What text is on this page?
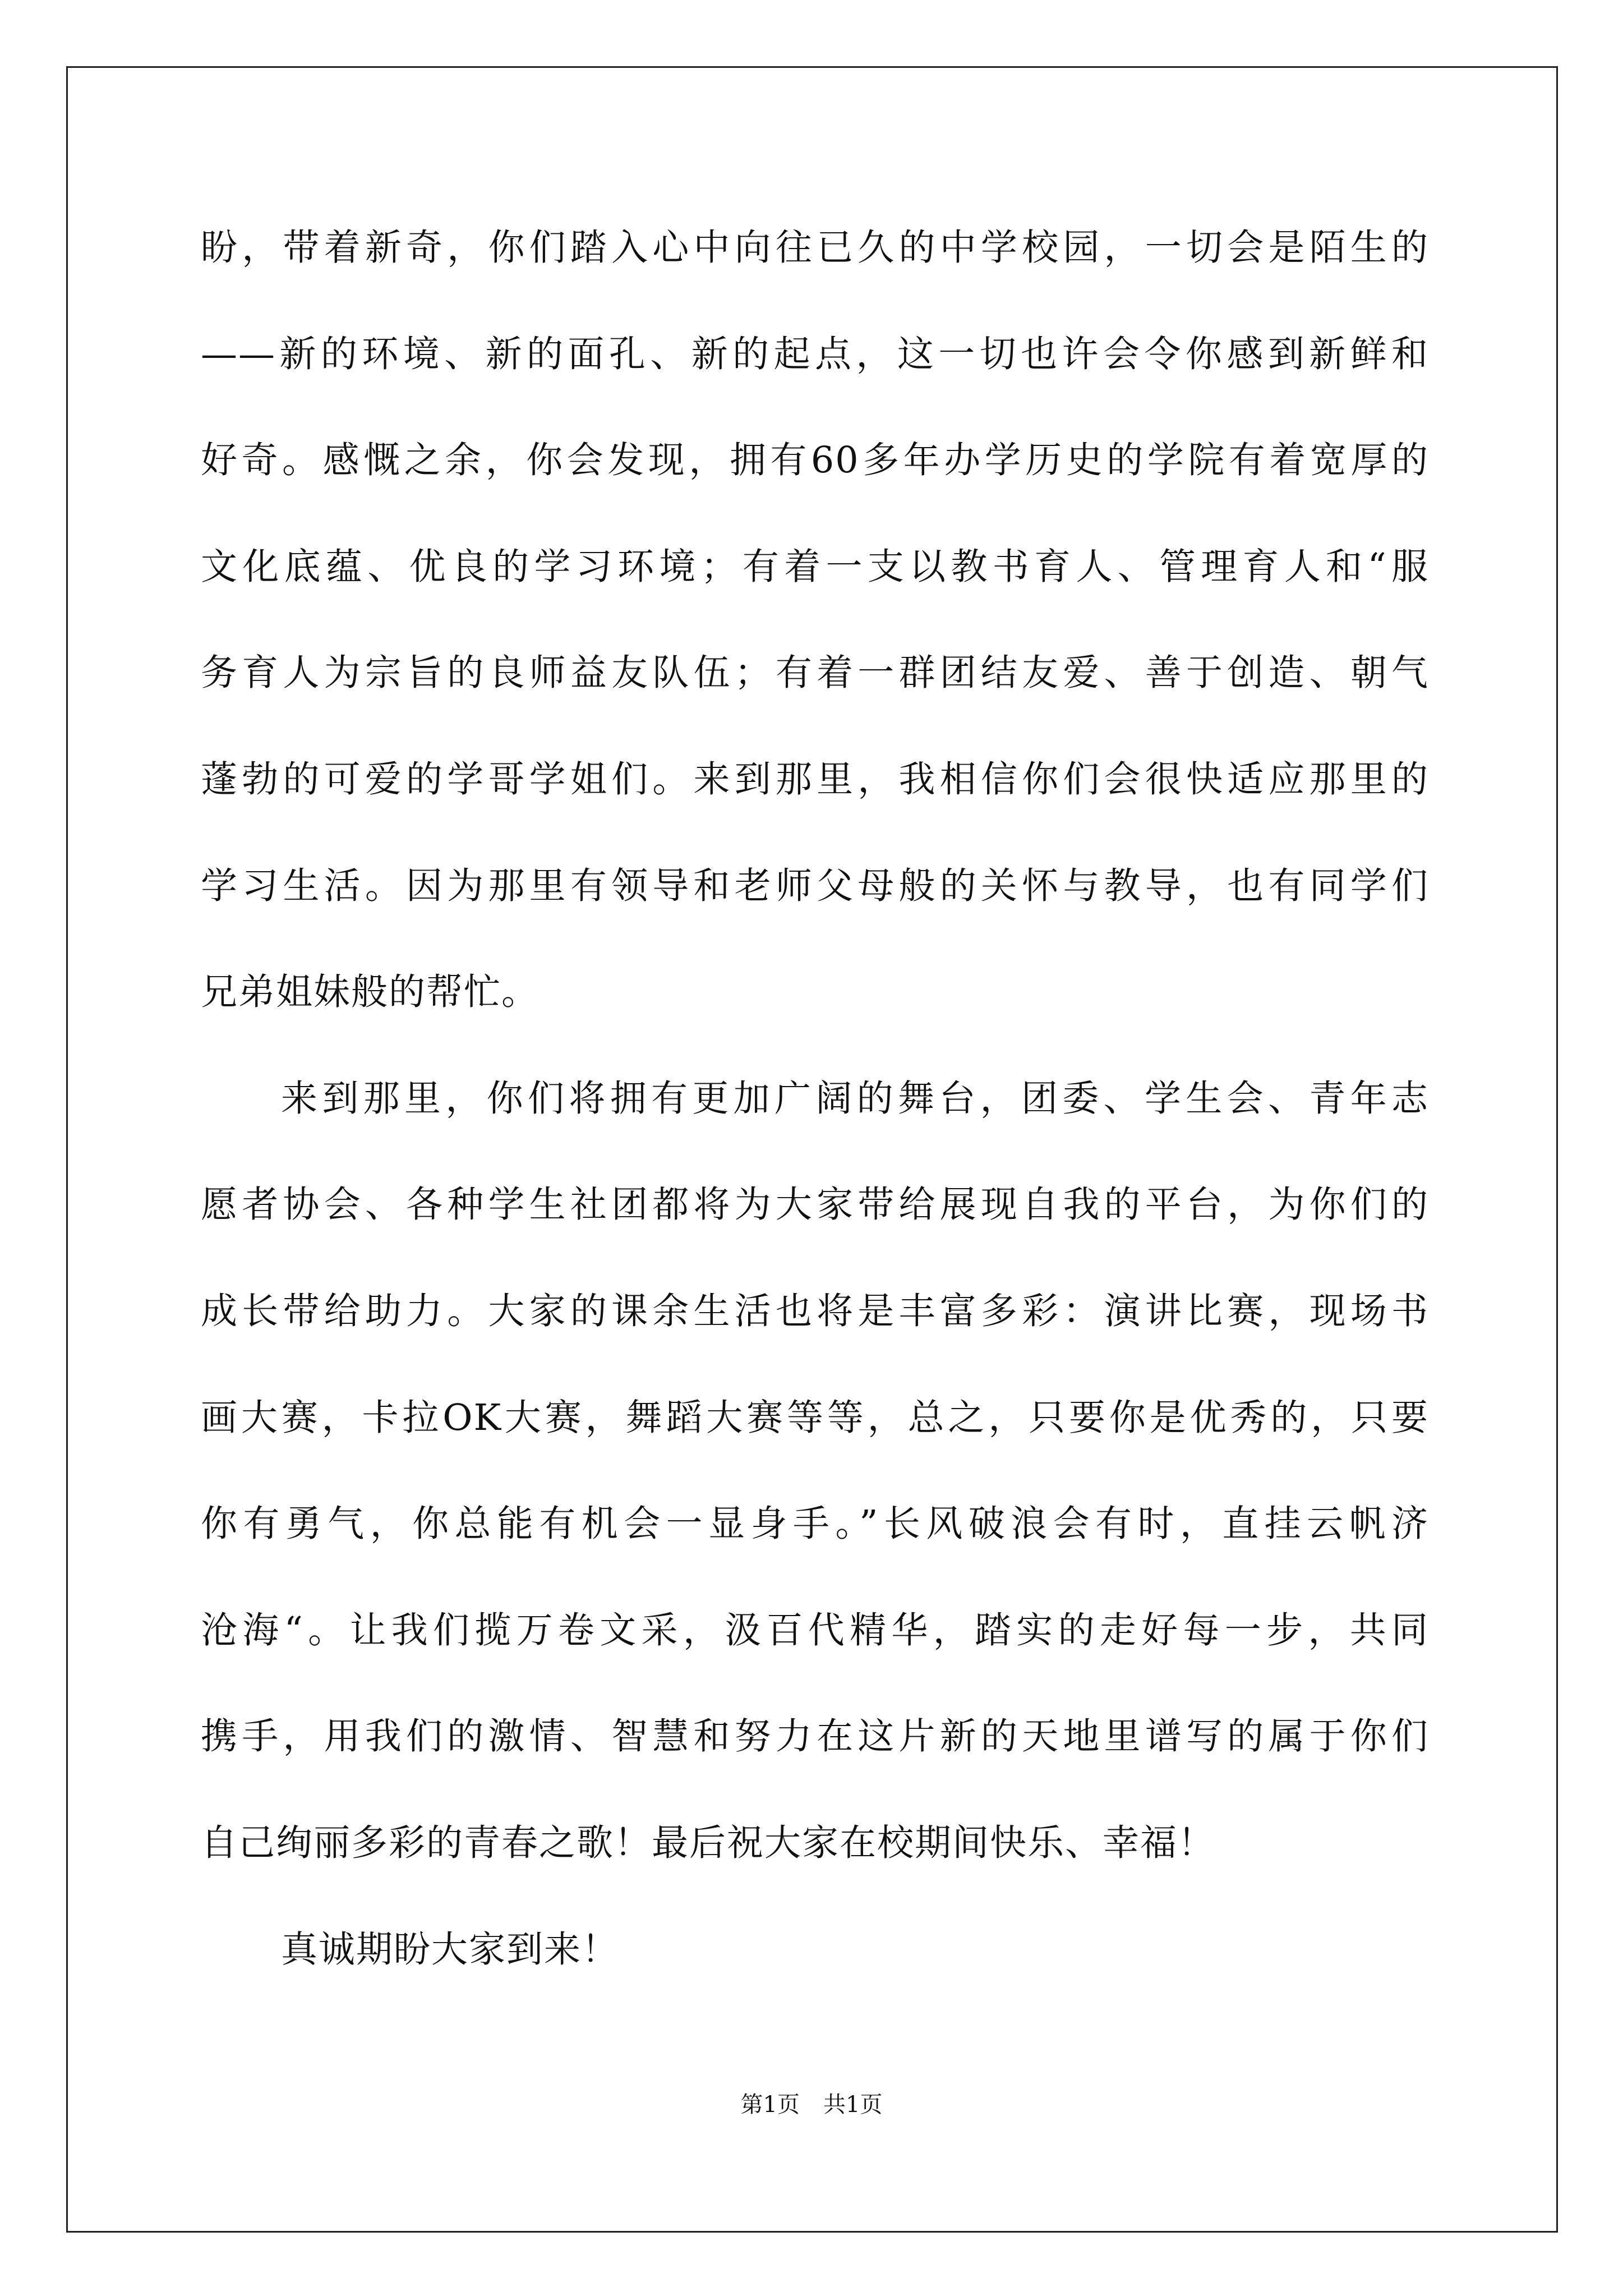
盼，带着新奇，你们踏入心中向往已久的中学校园，一切会是陌生的
——新的环境、新的面孔、新的起点，这一切也许会令你感到新鲜和
好奇。感慨之余，你会发现，拥有60多年办学历史的学院有着宽厚的
文化底蕴、优良的学习环境；有着一支以教书育人、管理育人和“服
务育人为宗旨的良师益友队伍；有着一群团结友爱、善于创造、朝气
蓬勃的可爱的学哥学姐们。来到那里，我相信你们会很快适应那里的
学习生活。因为那里有领导和老师父母般的关怀与教导，也有同学们
兄弟姐妹般的帮忙。
来到那里，你们将拥有更加广阔的舞台，团委、学生会、青年志
愿者协会、各种学生社团都将为大家带给展现自我的平台，为你们的
成长带给助力。大家的课余生活也将是丰富多彩：演讲比赛，现场书
画大赛，卡拉OK大赛，舞蹈大赛等等，总之，只要你是优秀的，只要
你有勇气，你总能有机会一显身手。”长风破浪会有时，直挂云帆济
沧海“。让我们揽万卷文采，汲百代精华，踏实的走好每一步，共同
携手，用我们的激情、智慧和努力在这片新的天地里谱写的属于你们
自己绚丽多彩的青春之歌！最后祝大家在校期间快乐、幸福！
真诚期盼大家到来！
第1页 共1页
